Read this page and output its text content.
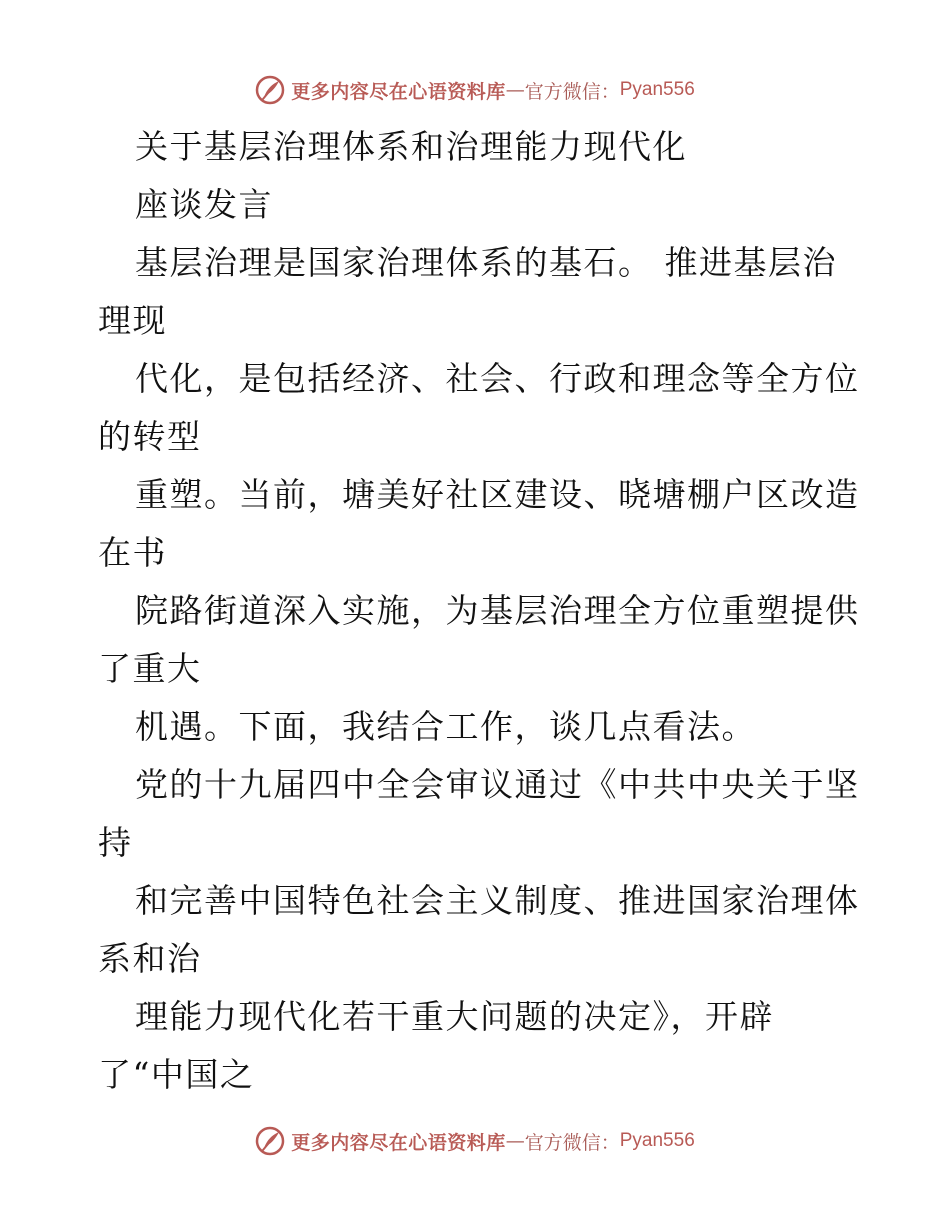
更多内容尽在心语资料库 — 官方微信： Pyan556
关于基层治理体系和治理能力现代化
座谈发言
基层治理是国家治理体系的基石。 推进基层治
理现
代化，是包括经济、社会、行政和理念等全方位
的转型
重塑。当前，塘美好社区建设、晓塘棚户区改造
在书
院路街道深入实施，为基层治理全方位重塑提供
了重大
机遇。下面，我结合工作，谈几点看法。
党的十九届四中全会审议通过《中共中央关于坚
持
和完善中国特色社会主义制度、推进国家治理体
系和治
理能力现代化若干重大问题的决定》，开辟
了“中国之
更多内容尽在心语资料库 — 官方微信： Pyan556
